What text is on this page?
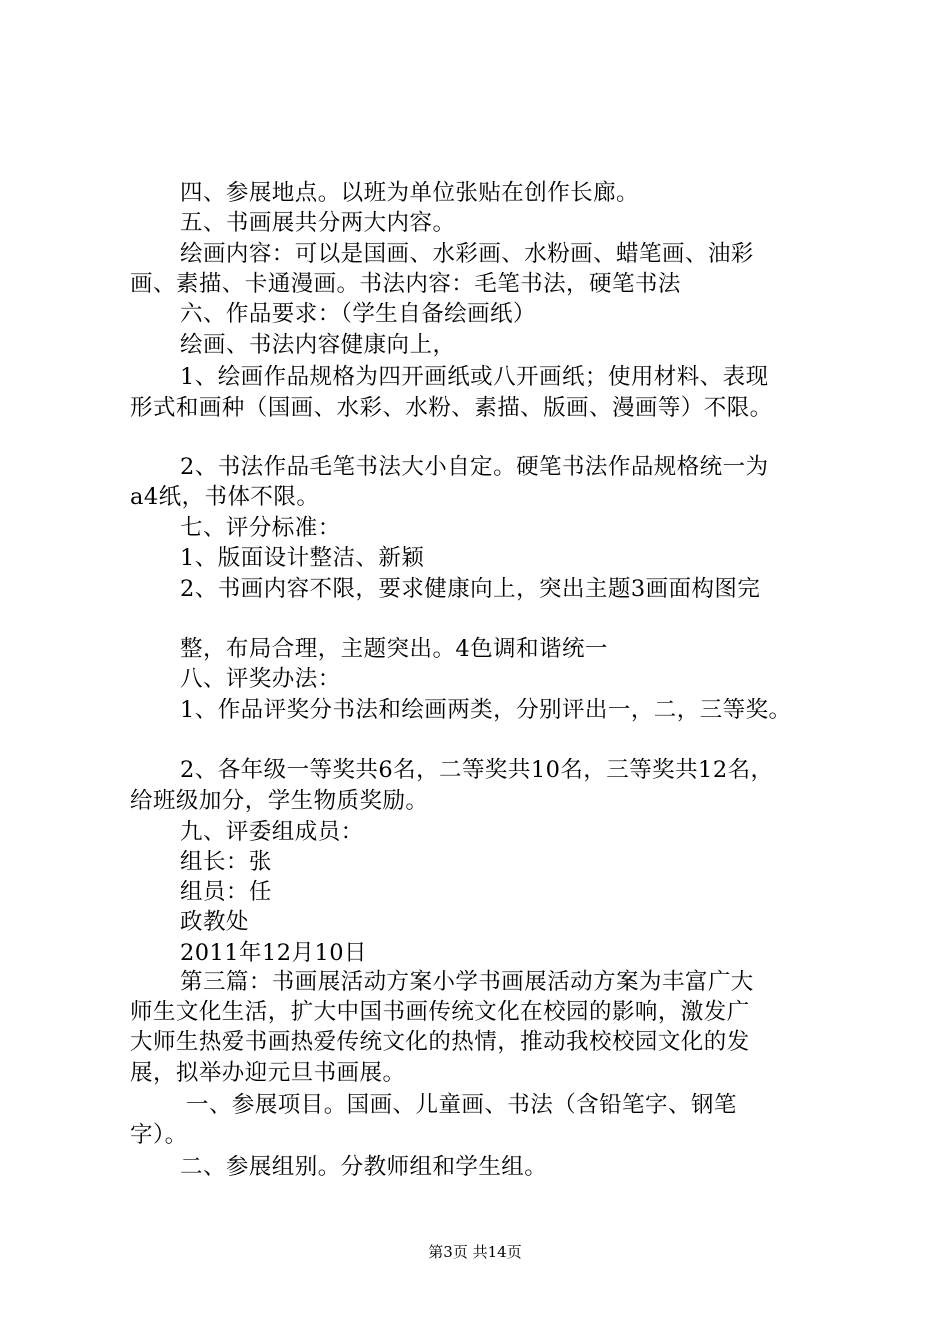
四、参展地点。以班为单位张贴在创作长廊。
五、书画展共分两大内容。
绘画内容：可以是国画、水彩画、水粉画、蜡笔画、油彩
画、素描、卡通漫画。书法内容：毛笔书法，硬笔书法
六、作品要求：（学生自备绘画纸）
绘画、书法内容健康向上，
1、绘画作品规格为四开画纸或八开画纸；使用材料、表现
形式和画种（国画、水彩、水粉、素描、版画、漫画等）不限。
2、书法作品毛笔书法大小自定。硬笔书法作品规格统一为
a4纸，书体不限。
七、评分标准：
1、版面设计整洁、新颖
2、书画内容不限，要求健康向上，突出主题3画面构图完
整，布局合理，主题突出。4色调和谐统一
八、评奖办法：
1、作品评奖分书法和绘画两类，分别评出一，二，三等奖。
2、各年级一等奖共6名，二等奖共10名，三等奖共12名，
给班级加分，学生物质奖励。
九、评委组成员：
组长：张
组员：任
政教处
2011年12月10日
第三篇：书画展活动方案小学书画展活动方案为丰富广大
师生文化生活，扩大中国书画传统文化在校园的影响，激发广
大师生热爱书画热爱传统文化的热情，推动我校校园文化的发
展，拟举办迎元旦书画展。
一、参展项目。国画、儿童画、书法（含铅笔字、钢笔
字）。
二、参展组别。分教师组和学生组。
第3页 共14页
